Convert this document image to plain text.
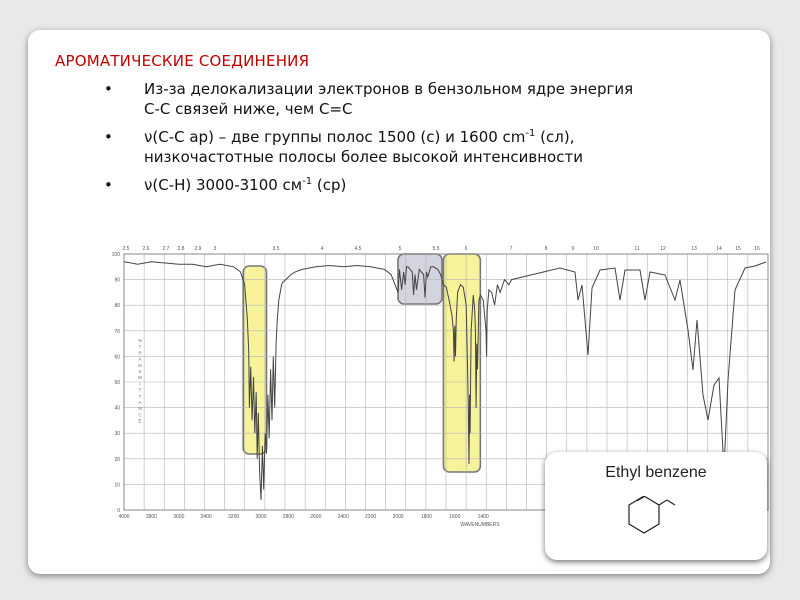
АРОМАТИЧЕСКИЕ СОЕДИНЕНИЯ
• Из-за делокализации электронов в бензольном ядре энергия
С-С связей ниже, чем С=С
• ν(С-С ар) – две группы полос 1500 (с) и 1600 $cm^{-1}$ (сл),
низкочастотные полосы более высокой интенсивности
• ν(С-Н) 3000-3100 $см^{-1}$ (ср)
2.5	2.6	2.7 2.8 2.9 3	3.5	4	4.5	5	5.5	6	7	8	9	10	11	12	13	14	15	16
4000	3800	3600	3400	3200	3000	2800	2600	2400	2200	2000	1800	1600	1400
100
90
80
70
60
50
40
30
20
10
0
%
T
R
A
N
S
M
I
T
T
A
N
C
E
WAVENUMBERS
Ethyl benzene
